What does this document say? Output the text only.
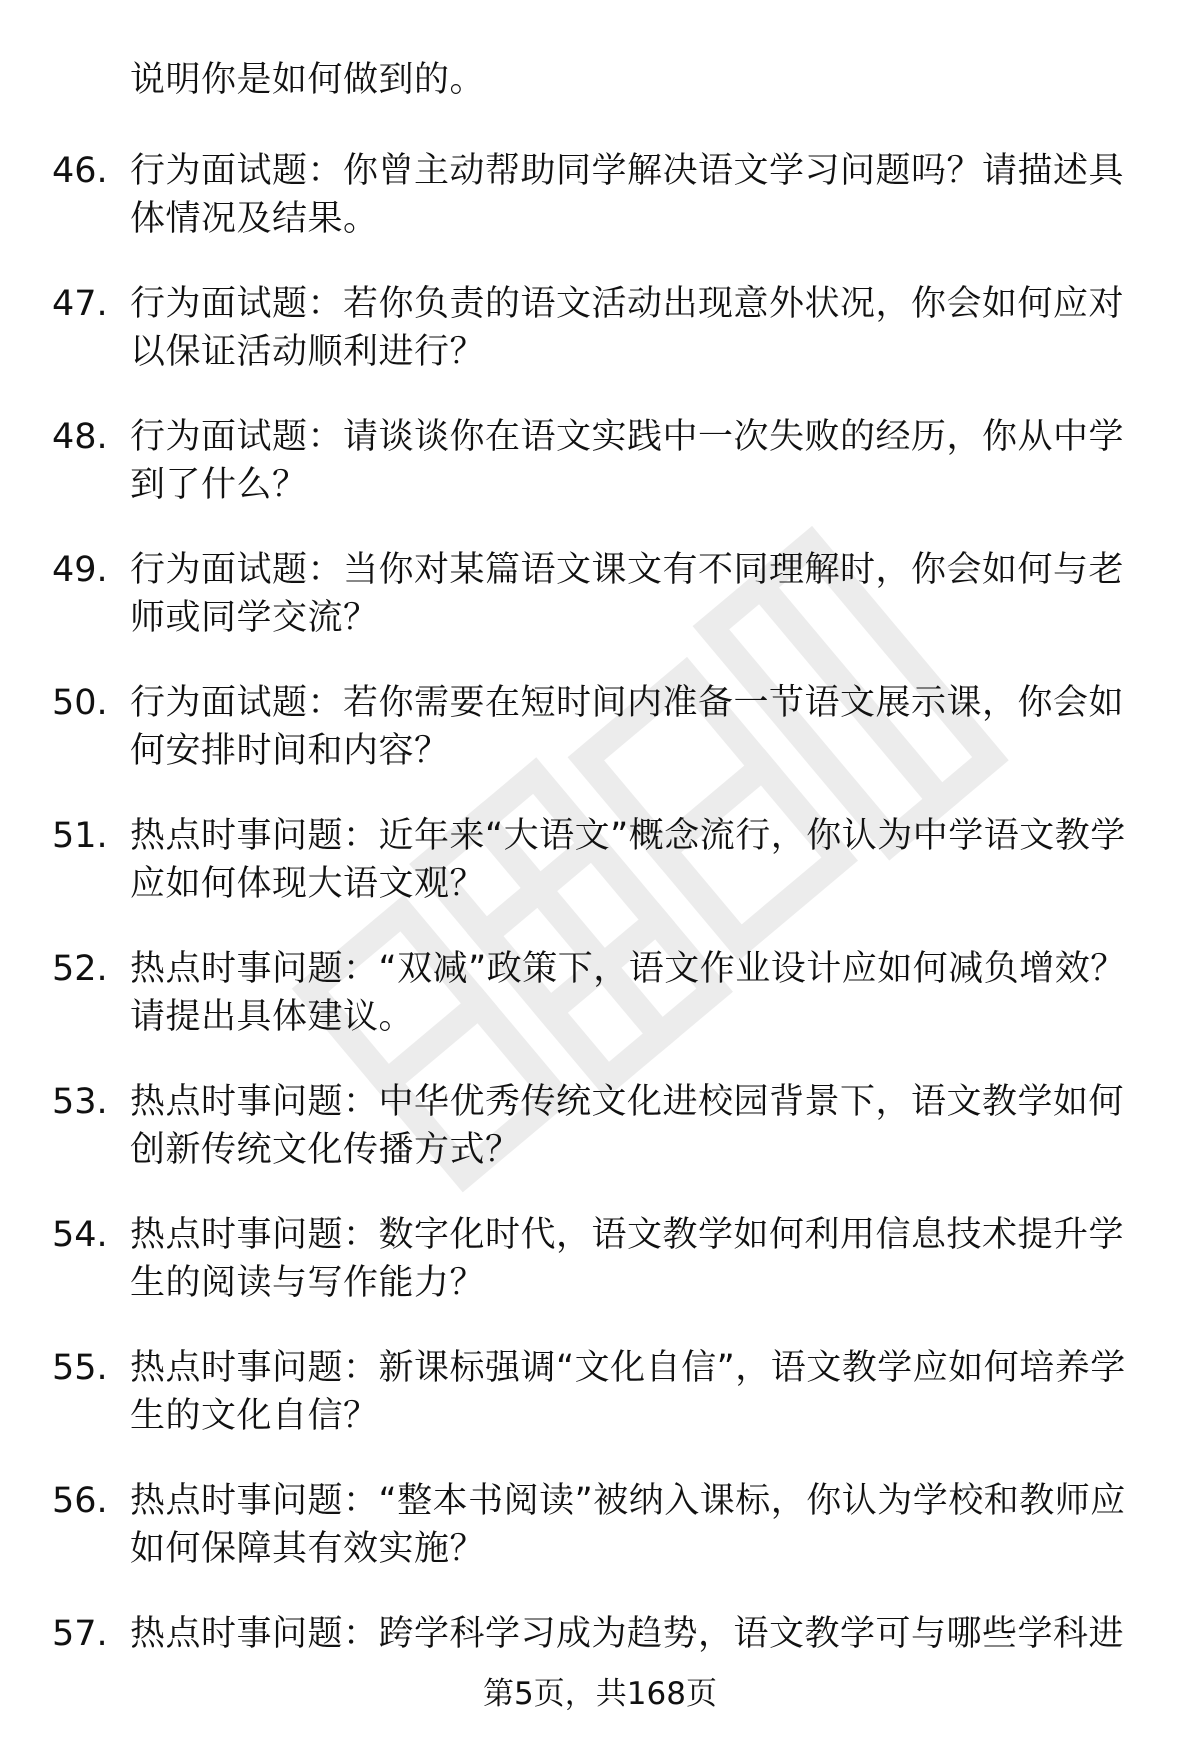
说明你是如何做到的。
46. 行为面试题：你曾主动帮助同学解决语文学习问题吗？请描述具体情况及结果。
47. 行为面试题：若你负责的语文活动出现意外状况，你会如何应对以保证活动顺利进行？
48. 行为面试题：请谈谈你在语文实践中一次失败的经历，你从中学到了什么？
49. 行为面试题：当你对某篇语文课文有不同理解时，你会如何与老师或同学交流？
50. 行为面试题：若你需要在短时间内准备一节语文展示课，你会如何安排时间和内容？
51. 热点时事问题：近年来“大语文”概念流行，你认为中学语文教学应如何体现大语文观？
52. 热点时事问题：“双减”政策下，语文作业设计应如何减负增效？请提出具体建议。
53. 热点时事问题：中华优秀传统文化进校园背景下，语文教学如何创新传统文化传播方式？
54. 热点时事问题：数字化时代，语文教学如何利用信息技术提升学生的阅读与写作能力？
55. 热点时事问题：新课标强调“文化自信”，语文教学应如何培养学生的文化自信？
56. 热点时事问题：“整本书阅读”被纳入课标，你认为学校和教师应如何保障其有效实施？
57. 热点时事问题：跨学科学习成为趋势，语文教学可与哪些学科进
第5页，共168页
